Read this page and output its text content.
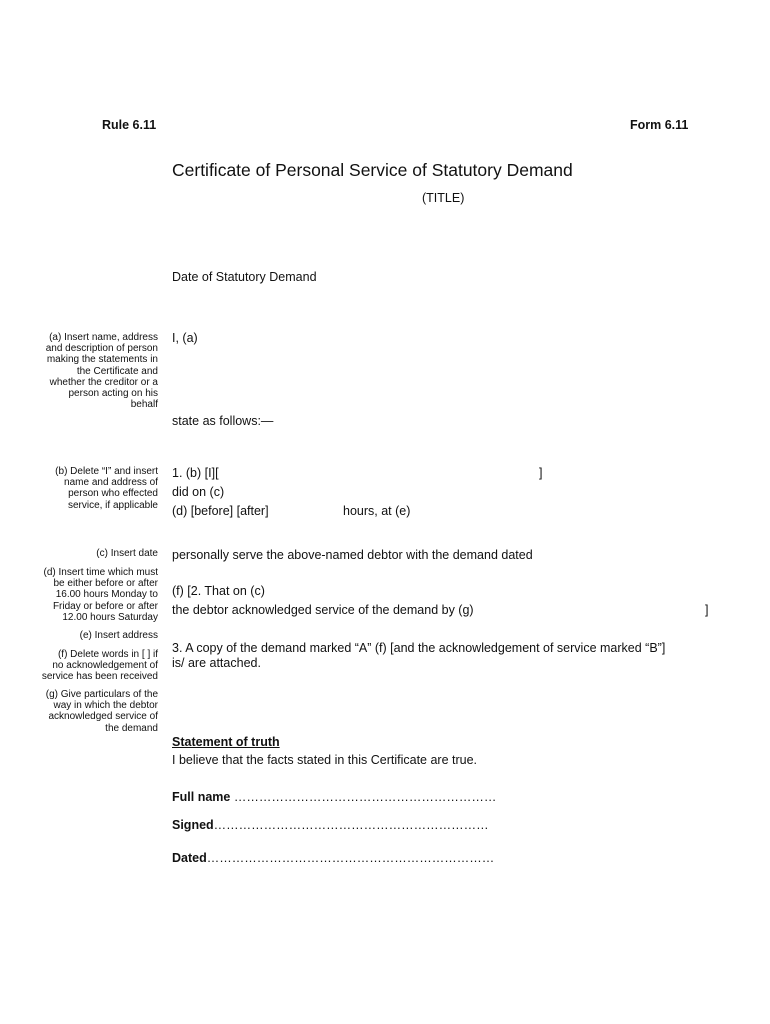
Rule 6.11	Form 6.11
Certificate of Personal Service of Statutory Demand
(TITLE)
Date of Statutory Demand
(a) Insert name, address
and description of person
making the statements in
the Certificate and
whether the creditor or a
person acting on his
behalf
(b) Delete “I” and insert
name and address of
person who effected
service, if applicable
(c) Insert date
(d) Insert time which must
be either before or after
16.00 hours Monday to
Friday or before or after
12.00 hours Saturday
(e) Insert address
(f) Delete words in [ ] if
no acknowledgement of
service has been received
(g) Give particulars of the
way in which the debtor
acknowledged service of
the demand
I, (a)
state as follows:—
1. (b) [I][	]
did on (c)
(d) [before] [after]	hours, at (e)
personally serve the above-named debtor with the demand dated
(f) [2. That on (c)
the debtor acknowledged service of the demand by (g)	]
3. A copy of the demand marked “A” (f) [and the acknowledgement of service marked “B”]
is/ are attached.
Statement of truth
I believe that the facts stated in this Certificate are true.
Full name ………………………………………………………
Signed…………………………………………………………
Dated……………………………………………………………
